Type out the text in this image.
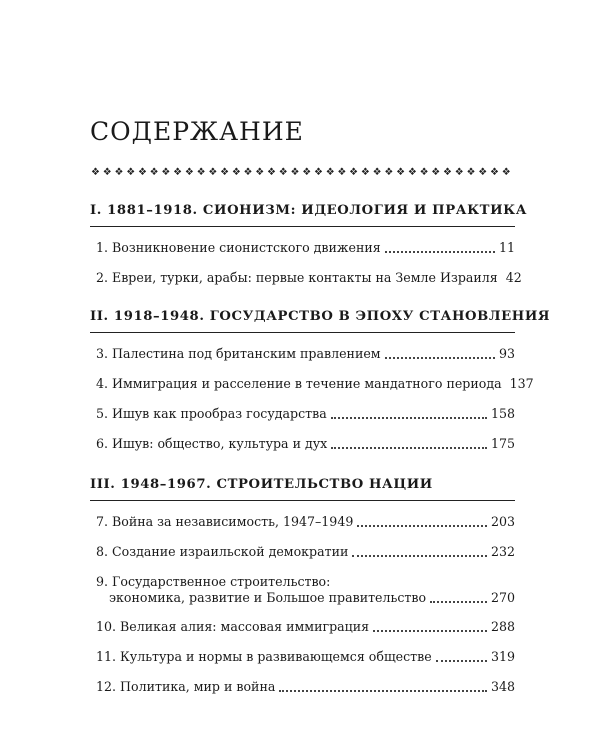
СОДЕРЖАНИЕ
❖ ❖ ❖ ❖ ❖ ❖ ❖ ❖ ❖ ❖ ❖ ❖ ❖ ❖ ❖ ❖ ❖ ❖ ❖ ❖ ❖ ❖ ❖ ❖ ❖ ❖ ❖ ❖ ❖ ❖ ❖ ❖ ❖ ❖ ❖ ❖
I. 1881–1918. СИОНИЗМ: ИДЕОЛОГИЯ И ПРАКТИКА
1. Возникновение сионистского движения	11
2. Евреи, турки, арабы: первые контакты на Земле Израиля 42
II. 1918–1948. ГОСУДАРСТВО В ЭПОХУ СТАНОВЛЕНИЯ
3. Палестина под британским правлением	93
4. Иммиграция и расселение в течение мандатного периода 137
5. Ишув как прообраз государства	158
6. Ишув: общество, культура и дух	175
III. 1948–1967. СТРОИТЕЛЬСТВО НАЦИИ
7. Война за независимость, 1947–1949	203
8. Создание израильской демократии	232
9. Государственное строительство:
экономика, развитие и Большое правительство	270
10. Великая алия: массовая иммиграция	288
11. Культура и нормы в развивающемся обществе	319
12. Политика, мир и война	348
